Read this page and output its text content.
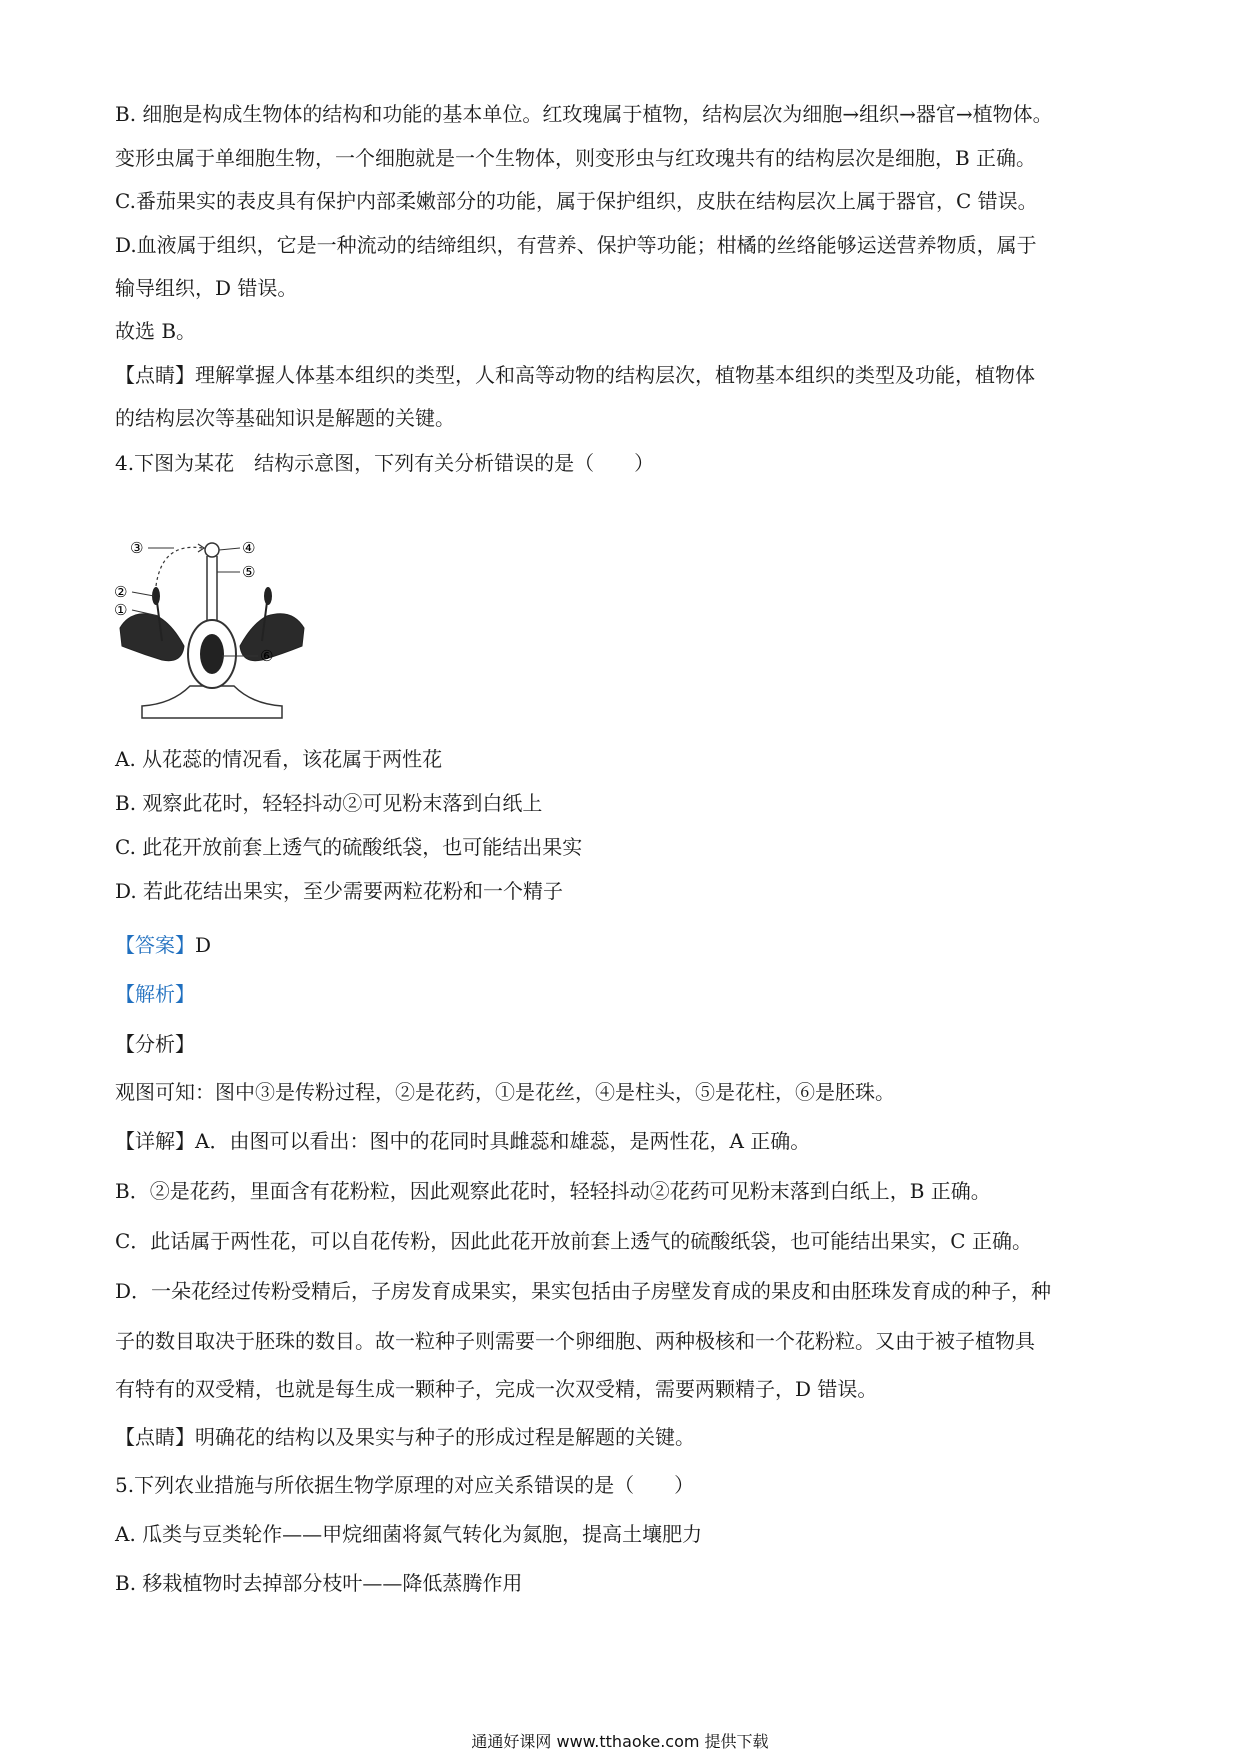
B. 细胞是构成生物体的结构和功能的基本单位。红玫瑰属于植物，结构层次为细胞→组织→器官→植物体。
变形虫属于单细胞生物，一个细胞就是一个生物体，则变形虫与红玫瑰共有的结构层次是细胞，B 正确。
C.番茄果实的表皮具有保护内部柔嫩部分的功能，属于保护组织，皮肤在结构层次上属于器官，C 错误。
D.血液属于组织，它是一种流动的结缔组织，有营养、保护等功能；柑橘的丝络能够运送营养物质，属于
输导组织，D 错误。
故选 B。
【点睛】理解掌握人体基本组织的类型，人和高等动物的结构层次，植物基本组织的类型及功能，植物体
的结构层次等基础知识是解题的关键。
4.下图为某花　结构示意图，下列有关分析错误的是（　　）
③	④
⑤
②
①
⑥
A. 从花蕊的情况看，该花属于两性花
B. 观察此花时，轻轻抖动②可见粉末落到白纸上
C. 此花开放前套上透气的硫酸纸袋，也可能结出果实
D. 若此花结出果实，至少需要两粒花粉和一个精子
【答案】D
【解析】
【分析】
观图可知：图中③是传粉过程，②是花药，①是花丝，④是柱头，⑤是花柱，⑥是胚珠。
【详解】A．由图可以看出：图中的花同时具雌蕊和雄蕊，是两性花，A 正确。
B．②是花药，里面含有花粉粒，因此观察此花时，轻轻抖动②花药可见粉末落到白纸上，B 正确。
C．此话属于两性花，可以自花传粉，因此此花开放前套上透气的硫酸纸袋，也可能结出果实，C 正确。
D．一朵花经过传粉受精后，子房发育成果实，果实包括由子房壁发育成的果皮和由胚珠发育成的种子，种
子的数目取决于胚珠的数目。故一粒种子则需要一个卵细胞、两种极核和一个花粉粒。又由于被子植物具
有特有的双受精，也就是每生成一颗种子，完成一次双受精，需要两颗精子，D 错误。
【点睛】明确花的结构以及果实与种子的形成过程是解题的关键。
5.下列农业措施与所依据生物学原理的对应关系错误的是（　　）
A. 瓜类与豆类轮作——甲烷细菌将氮气转化为氮胞，提高土壤肥力
B. 移栽植物时去掉部分枝叶——降低蒸腾作用
通通好课网 www.tthaoke.com 提供下载
